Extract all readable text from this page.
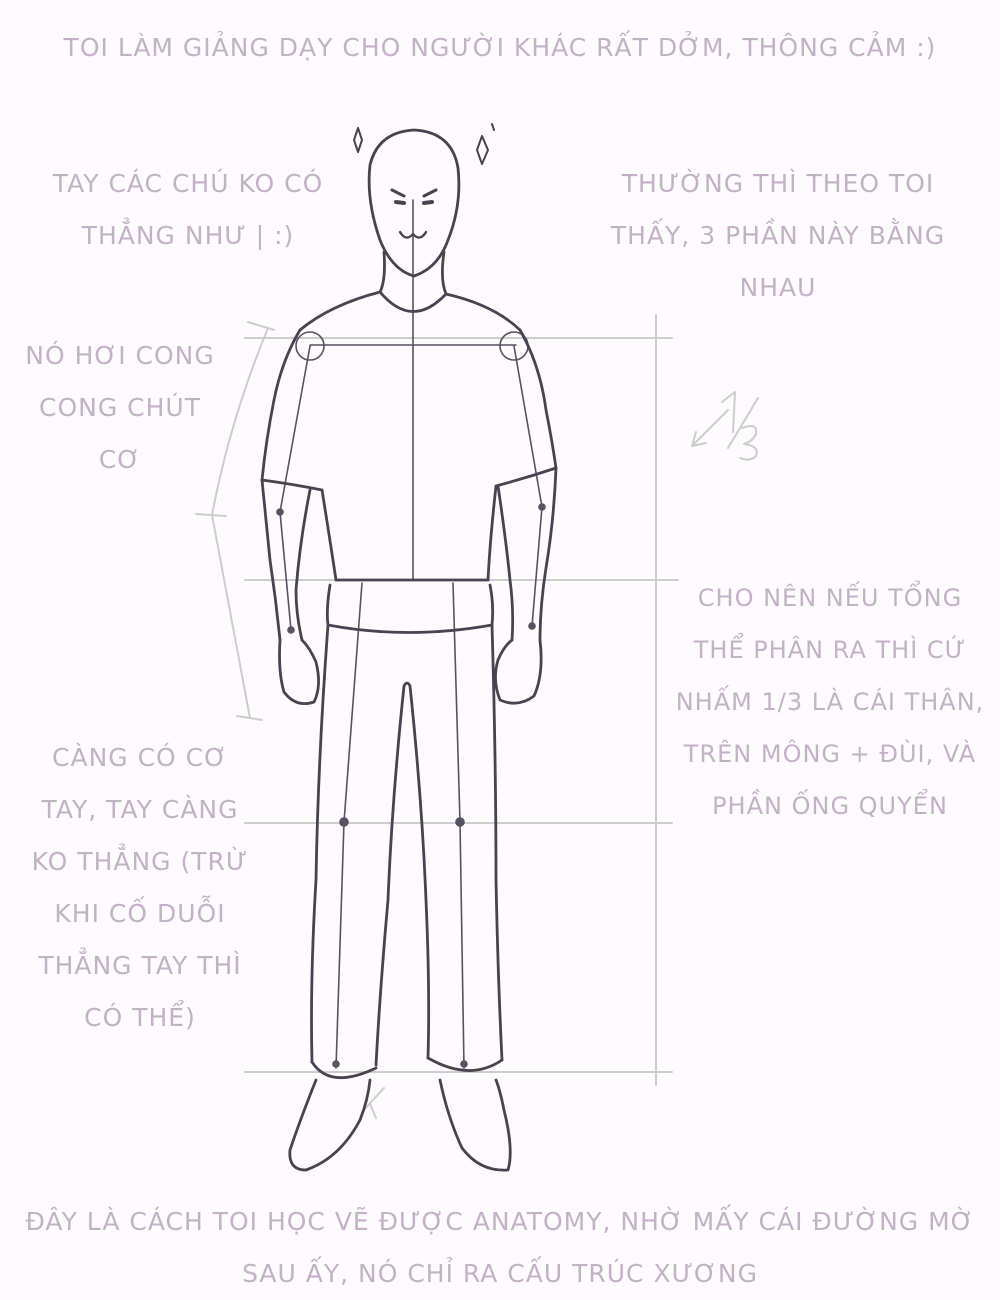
TOI LÀM GIẢNG DẠY CHO NGƯỜI KHÁC RẤT DỞM, THÔNG CẢM :)

TAY CÁC CHÚ KO CÓ
THẲNG NHƯ | :)

NÓ HƠI CONG
CONG CHÚT
CƠ

CÀNG CÓ CƠ
TAY, TAY CÀNG
KO THẲNG (TRỪ
KHI CỐ DUỖI
THẲNG TAY THÌ
CÓ THỂ)

THƯỜNG THÌ THEO TOI
THẤY, 3 PHẦN NÀY BẰNG
NHAU

CHO NÊN NẾU TỔNG
THỂ PHÂN RA THÌ CỨ
NHẤM 1/3 LÀ CÁI THÂN,
TRÊN MÔNG + ĐÙI, VÀ
PHẦN ỐNG QUYỂN

ĐÂY LÀ CÁCH TOI HỌC VẼ ĐƯỢC ANATOMY, NHỜ MẤY CÁI ĐƯỜNG MỜ
SAU ẤY, NÓ CHỈ RA CẤU TRÚC XƯƠNG
